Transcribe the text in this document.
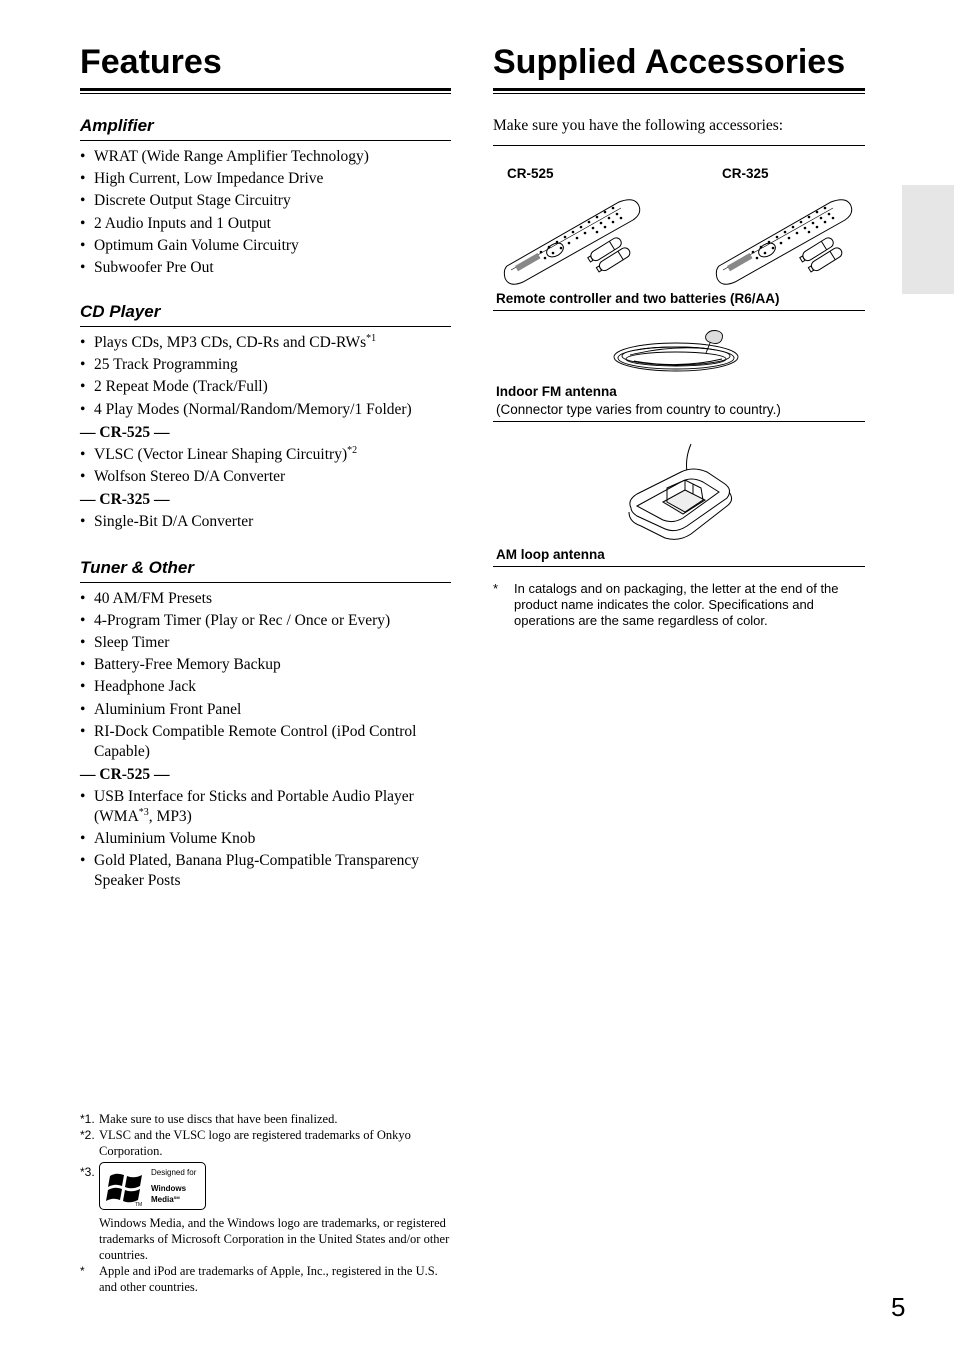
Features
Amplifier
• WRAT (Wide Range Amplifier Technology)
• High Current, Low Impedance Drive
• Discrete Output Stage Circuitry
• 2 Audio Inputs and 1 Output
• Optimum Gain Volume Circuitry
• Subwoofer Pre Out
CD Player
• Plays CDs, MP3 CDs, CD-Rs and CD-RWs$^{*1}$
• 25 Track Programming
• 2 Repeat Mode (Track/Full)
• 4 Play Modes (Normal/Random/Memory/1 Folder)
— CR-525 —
• VLSC (Vector Linear Shaping Circuitry)$^{*2}$
• Wolfson Stereo D/A Converter
— CR-325 —
• Single-Bit D/A Converter
Tuner & Other
• 40 AM/FM Presets
• 4-Program Timer (Play or Rec / Once or Every)
• Sleep Timer
• Battery-Free Memory Backup
• Headphone Jack
• Aluminium Front Panel
• RI-Dock Compatible Remote Control (iPod Control Capable)
— CR-525 —
• USB Interface for Sticks and Portable Audio Player (WMA$^{*3}$, MP3)
• Aluminium Volume Knob
• Gold Plated, Banana Plug-Compatible Transparency Speaker Posts
Supplied Accessories
Make sure you have the following accessories:
CR-525	CR-325
Remote controller and two batteries (R6/AA)
Indoor FM antenna
(Connector type varies from country to country.)
AM loop antenna
* In catalogs and on packaging, the letter at the end of the product name indicates the color. Specifications and operations are the same regardless of color.
*1. Make sure to use discs that have been finalized.
*2. VLSC and the VLSC logo are registered trademarks of Onkyo Corporation.
*3.
TM
Designed for
Windows
Media℠
Windows Media, and the Windows logo are trademarks, or registered trademarks of Microsoft Corporation in the United States and/or other countries.
* Apple and iPod are trademarks of Apple, Inc., registered in the U.S. and other countries.
5
